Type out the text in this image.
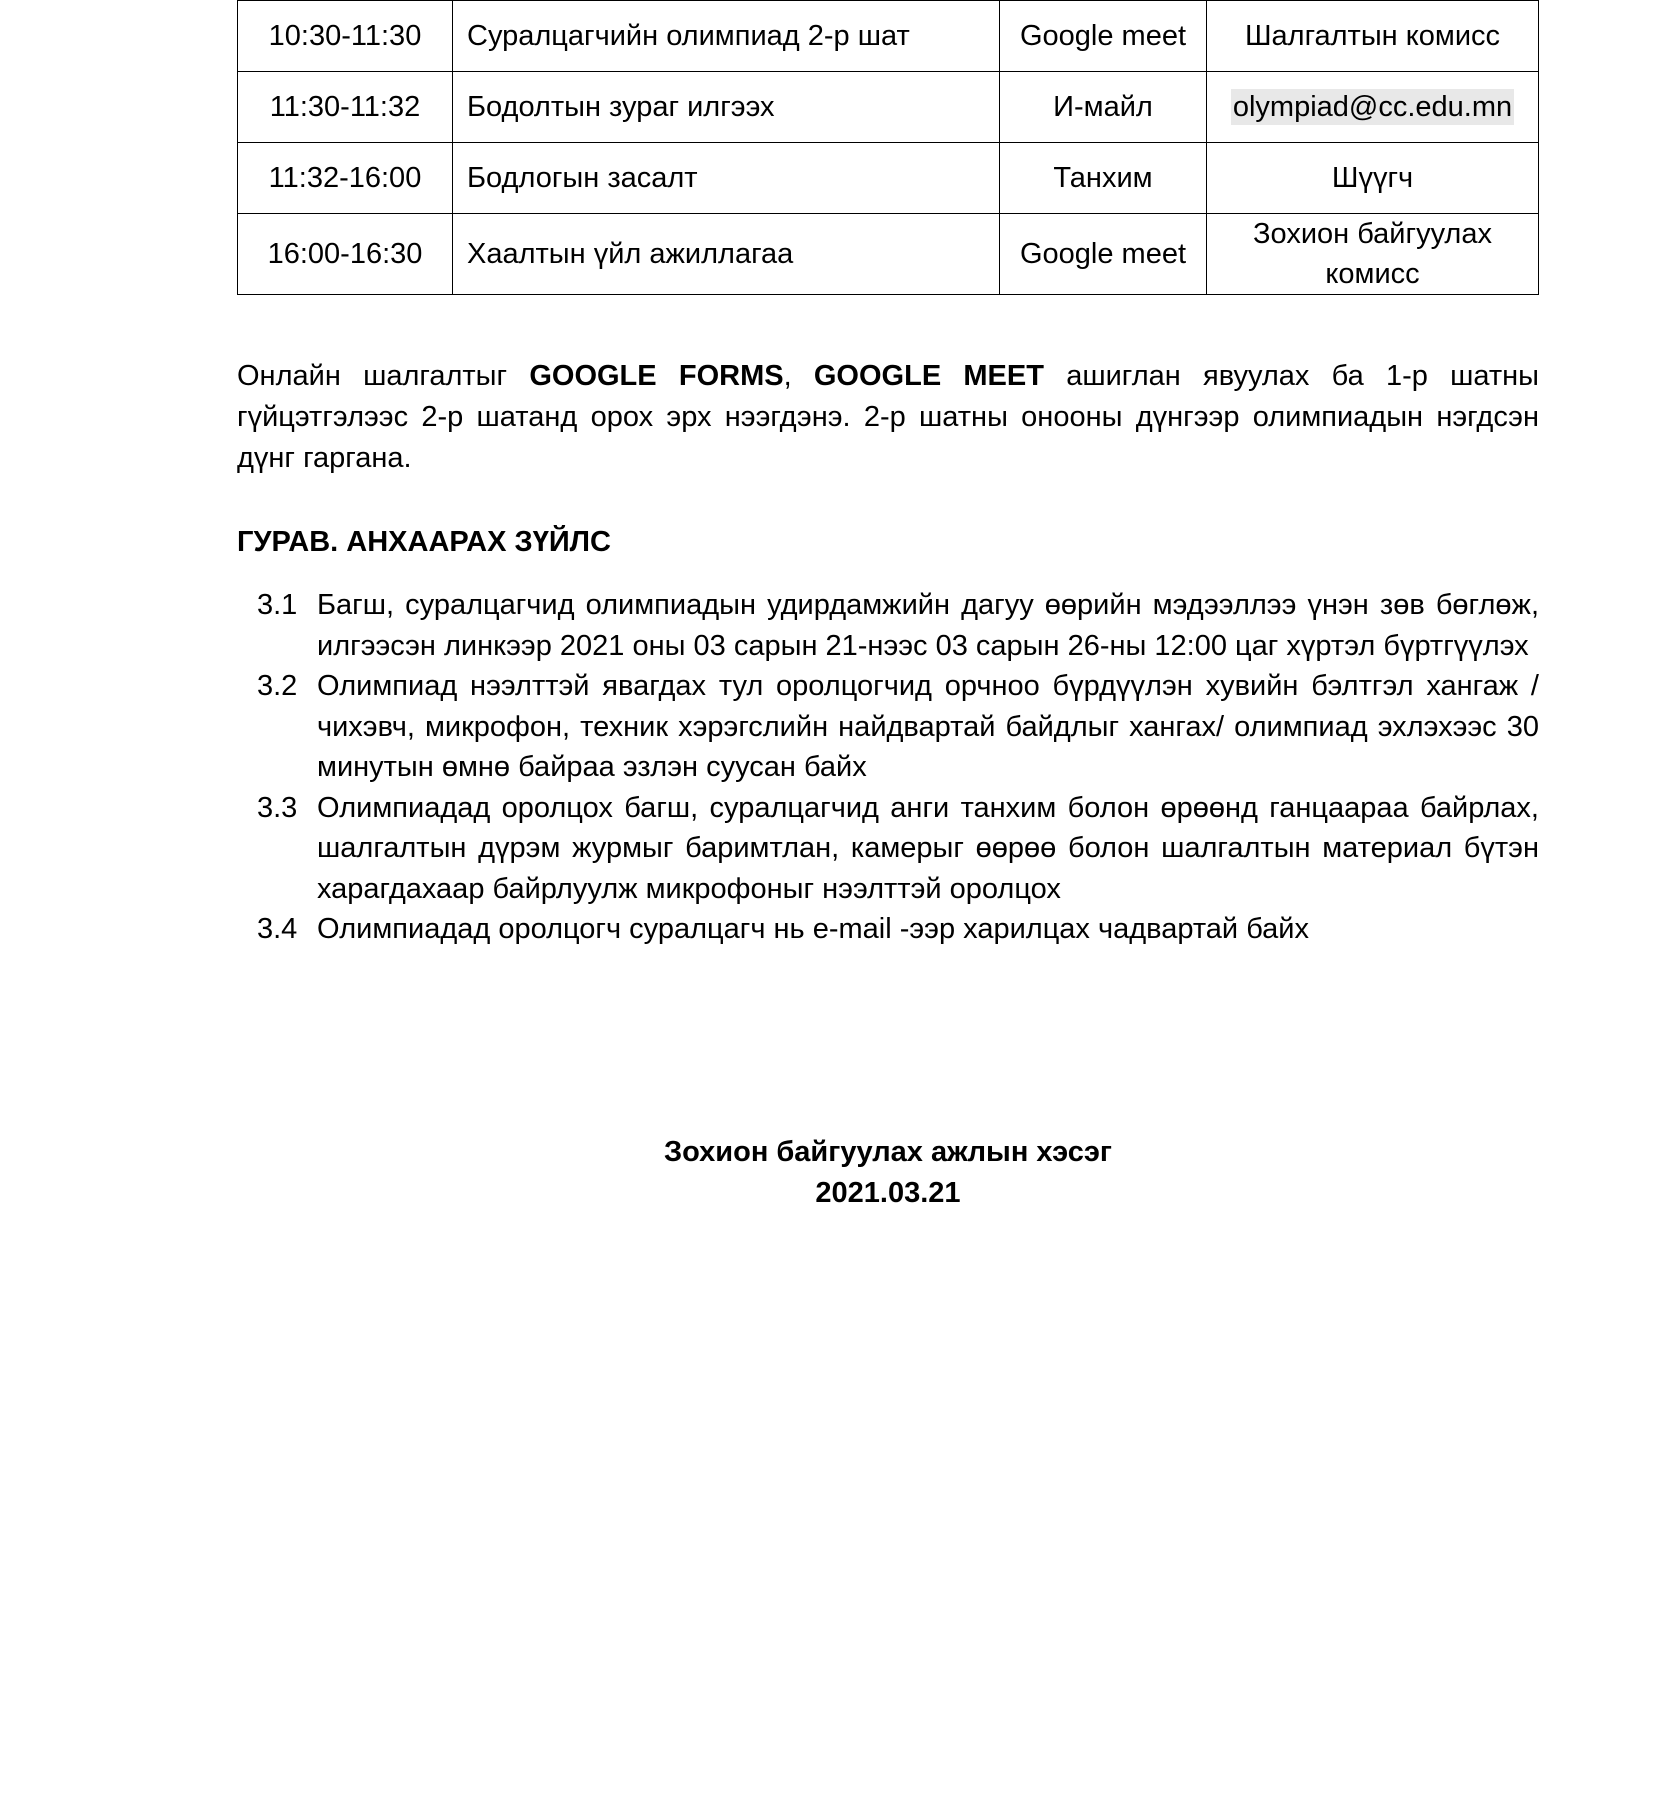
10:30-11:30	Суралцагчийн олимпиад 2-р шат	Google meet	Шалгалтын комисс
11:30-11:32	Бодолтын зураг илгээх	И-майл	olympiad@cc.edu.mn
11:32-16:00	Бодлогын засалт	Танхим	Шүүгч
16:00-16:30	Хаалтын үйл ажиллагаа	Google meet	Зохион байгуулах комисс

Онлайн шалгалтыг GOOGLE FORMS, GOOGLE MEET ашиглан явуулах ба 1-р шатны гүйцэтгэлээс 2-р шатанд орох эрх нээгдэнэ. 2-р шатны онооны дүнгээр олимпиадын нэгдсэн дүнг гаргана.

ГУРАВ. АНХААРАХ ЗҮЙЛС

3.1 Багш, суралцагчид олимпиадын удирдамжийн дагуу өөрийн мэдээллээ үнэн зөв бөглөж, илгээсэн линкээр 2021 оны 03 сарын 21-нээс 03 сарын 26-ны 12:00 цаг хүртэл бүртгүүлэх
3.2 Олимпиад нээлттэй явагдах тул оролцогчид орчноо бүрдүүлэн хувийн бэлтгэл хангаж /чихэвч, микрофон, техник хэрэгслийн найдвартай байдлыг хангах/ олимпиад эхлэхээс 30 минутын өмнө байраа эзлэн суусан байх
3.3 Олимпиадад оролцох багш, суралцагчид анги танхим болон өрөөнд ганцаараа байрлах, шалгалтын дүрэм журмыг баримтлан, камерыг өөрөө болон шалгалтын материал бүтэн харагдахаар байрлуулж микрофоныг нээлттэй оролцох
3.4 Олимпиадад оролцогч суралцагч нь e-mail -ээр харилцах чадвартай байх
Зохион байгуулах ажлын хэсэг
2021.03.21
